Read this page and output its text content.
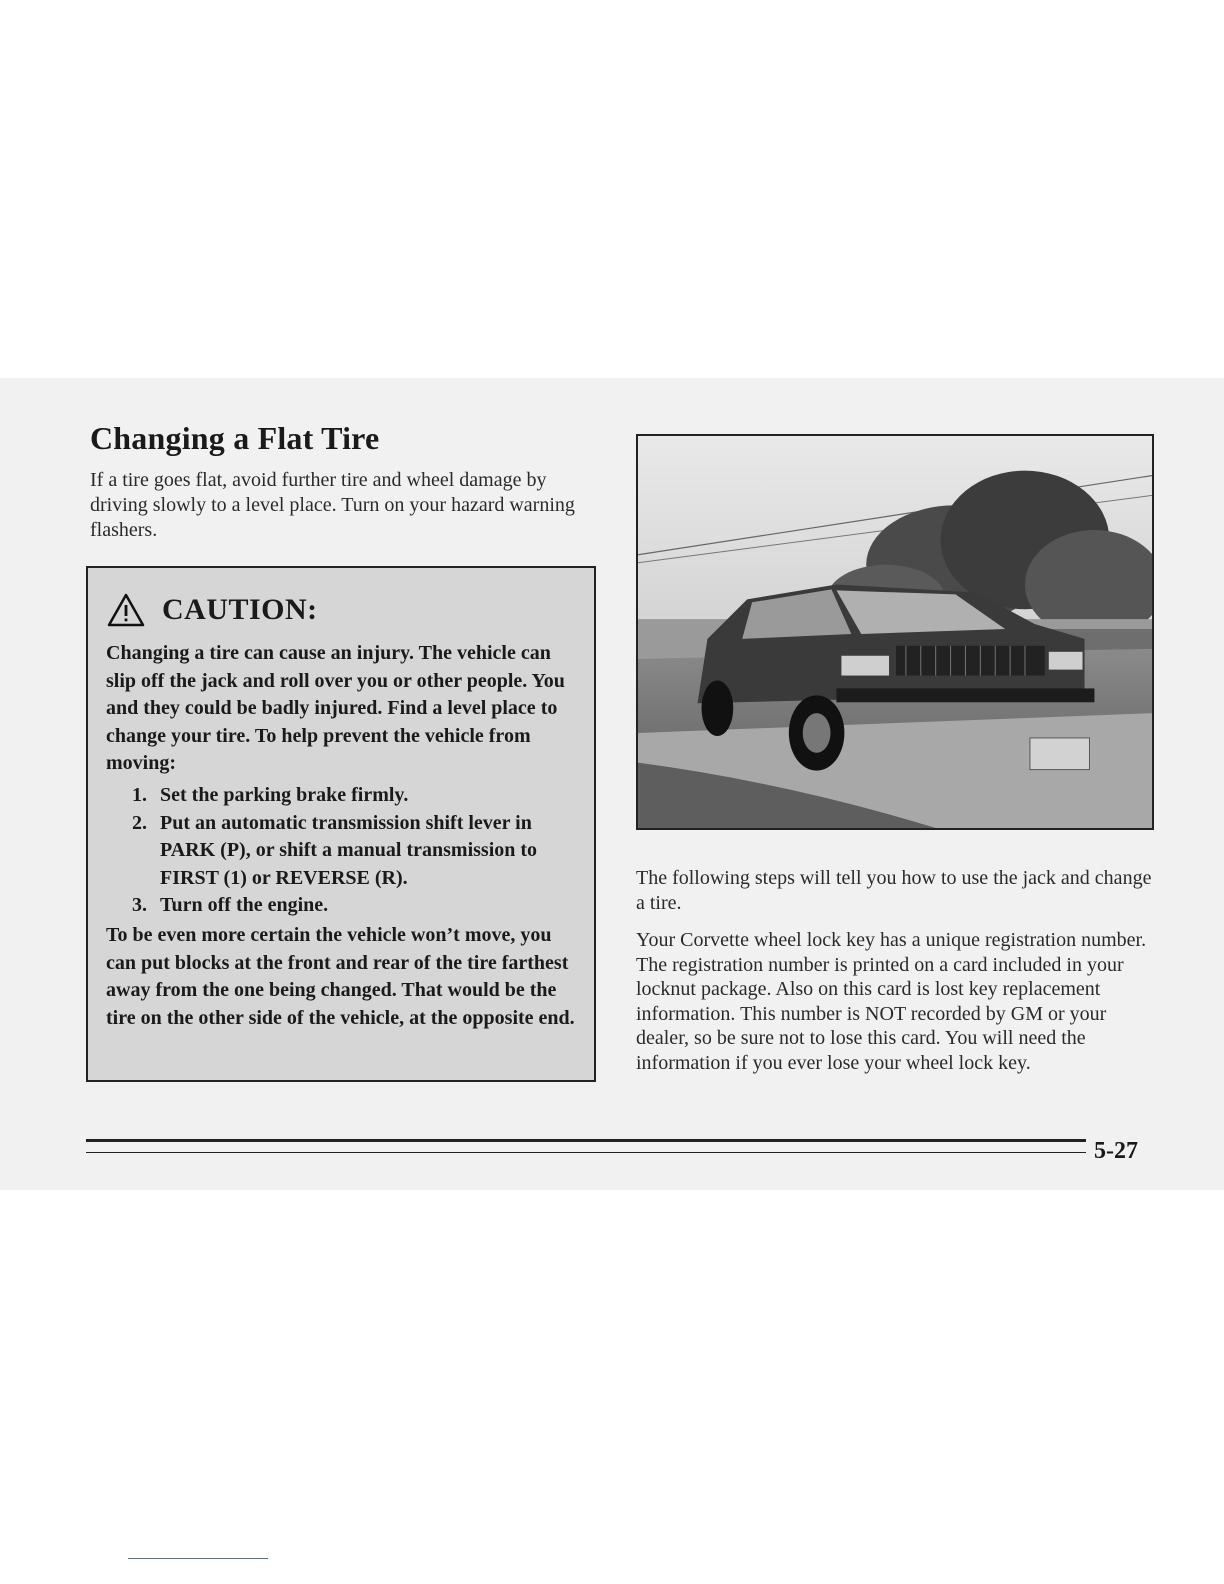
Changing a Flat Tire

If a tire goes flat, avoid further tire and wheel damage by driving slowly to a level place. Turn on your hazard warning flashers.

CAUTION:

Changing a tire can cause an injury. The vehicle can slip off the jack and roll over you or other people. You and they could be badly injured. Find a level place to change your tire. To help prevent the vehicle from moving:

1. Set the parking brake firmly.
2. Put an automatic transmission shift lever in PARK (P), or shift a manual transmission to FIRST (1) or REVERSE (R).
3. Turn off the engine.

To be even more certain the vehicle won’t move, you can put blocks at the front and rear of the tire farthest away from the one being changed. That would be the tire on the other side of the vehicle, at the opposite end.

The following steps will tell you how to use the jack and change a tire.

Your Corvette wheel lock key has a unique registration number. The registration number is printed on a card included in your locknut package. Also on this card is lost key replacement information. This number is NOT recorded by GM or your dealer, so be sure not to lose this card. You will need the information if you ever lose your wheel lock key.

5-27
